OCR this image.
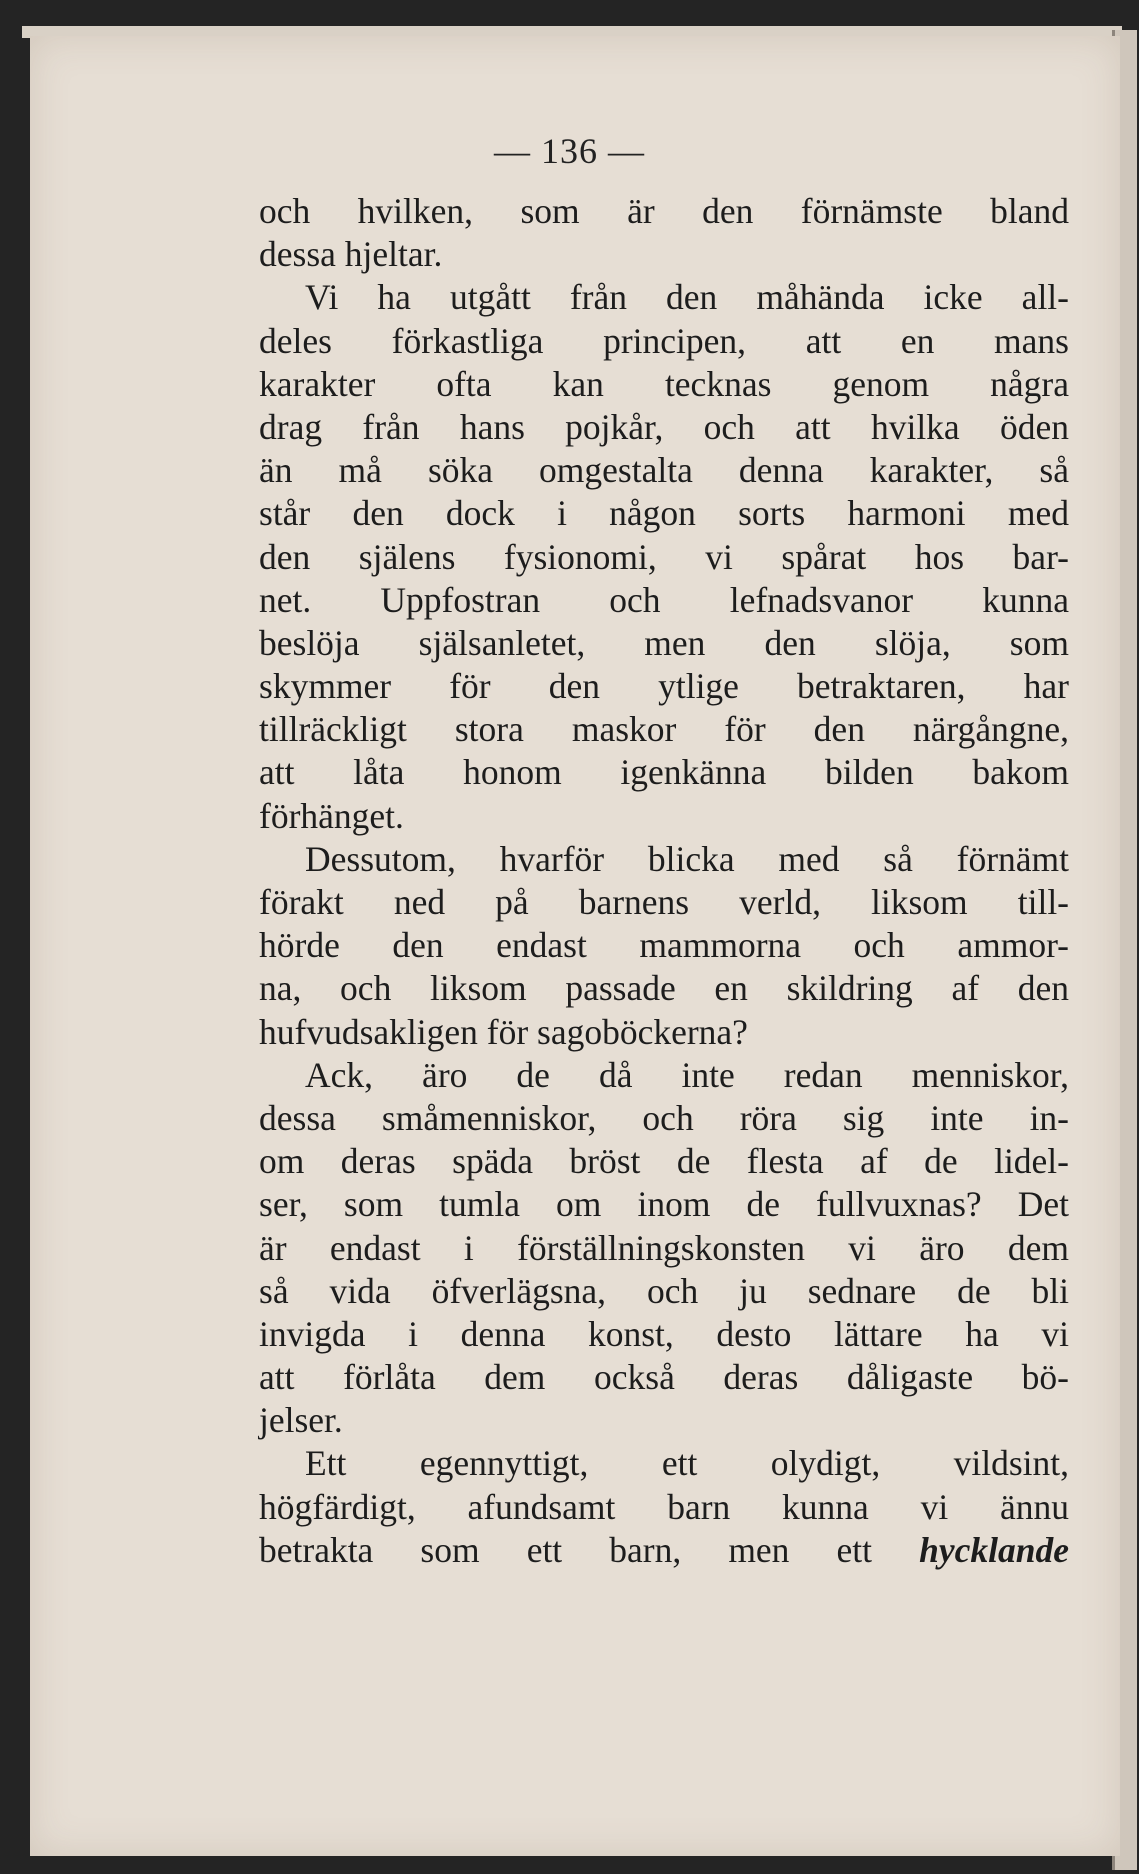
— 136 —
och hvilken, som är den förnämste bland
dessa hjeltar.
Vi ha utgått från den måhända icke all-
deles förkastliga principen, att en mans
karakter ofta kan tecknas genom några
drag från hans pojkår, och att hvilka öden
än må söka omgestalta denna karakter, så
står den dock i någon sorts harmoni med
den själens fysionomi, vi spårat hos bar-
net. Uppfostran och lefnadsvanor kunna
beslöja själsanletet, men den slöja, som
skymmer för den ytlige betraktaren, har
tillräckligt stora maskor för den närgångne,
att låta honom igenkänna bilden bakom
förhänget.
Dessutom, hvarför blicka med så förnämt
förakt ned på barnens verld, liksom till-
hörde den endast mammorna och ammor-
na, och liksom passade en skildring af den
hufvudsakligen för sagoböckerna?
Ack, äro de då inte redan menniskor,
dessa småmenniskor, och röra sig inte in-
om deras späda bröst de flesta af de lidel-
ser, som tumla om inom de fullvuxnas? Det
är endast i förställningskonsten vi äro dem
så vida öfverlägsna, och ju sednare de bli
invigda i denna konst, desto lättare ha vi
att förlåta dem också deras dåligaste bö-
jelser.
Ett egennyttigt, ett olydigt, vildsint,
högfärdigt, afundsamt barn kunna vi ännu
betrakta som ett barn, men ett hycklande
